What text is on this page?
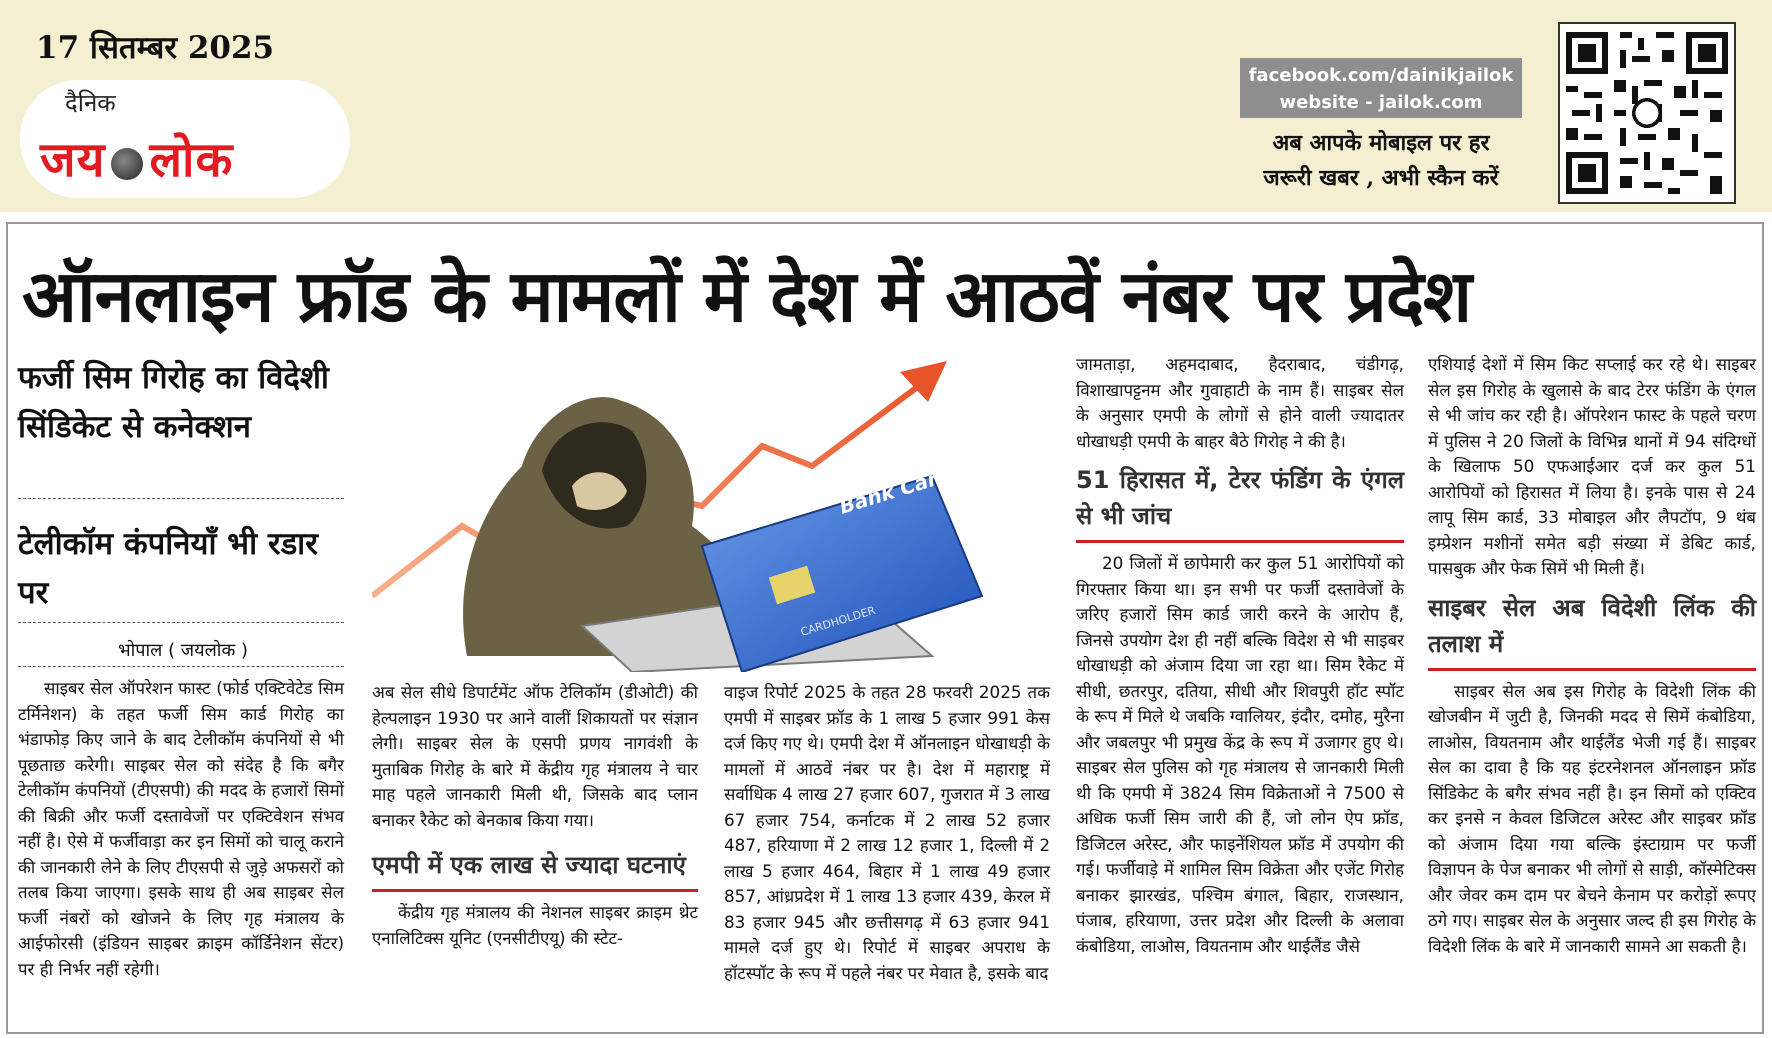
17 सितम्बर 2025
दैनिक
जय लोक
facebook.com/dainikjailok
website - jailok.com
अब आपके मोबाइल पर हर
जरूरी खबर , अभी स्कैन करें
ऑनलाइन फ्रॉड के मामलों में देश में आठवें नंबर पर प्रदेश
फर्जी सिम गिरोह का विदेशी सिंडिकेट से कनेक्शन
टेलीकॉम कंपनियाँ भी रडार पर
भोपाल ( जयलोक )
Bank Card
CARDHOLDER

साइबर सेल ऑपरेशन फास्ट (फोर्ड एक्टिवेटेड सिम टर्मिनेशन) के तहत फर्जी सिम कार्ड गिरोह का भंडाफोड़ किए जाने के बाद टेलीकॉम कंपनियों से भी पूछताछ करेगी। साइबर सेल को संदेह है कि बगैर टेलीकॉम कंपनियों (टीएसपी) की मदद के हजारों सिमों की बिक्री और फर्जी दस्तावेजों पर एक्टिवेशन संभव नहीं है। ऐसे में फर्जीवाड़ा कर इन सिमों को चालू कराने की जानकारी लेने के लिए टीएसपी से जुड़े अफसरों को तलब किया जाएगा। इसके साथ ही अब साइबर सेल फर्जी नंबरों को खोजने के लिए गृह मंत्रालय के आईफोरसी (इंडियन साइबर क्राइम कॉर्डिनेशन सेंटर) पर ही निर्भर नहीं रहेगी।

अब सेल सीधे डिपार्टमेंट ऑफ टेलिकॉम (डीओटी) की हेल्पलाइन 1930 पर आने वालीं शिकायतों पर संज्ञान लेगी। साइबर सेल के एसपी प्रणय नागवंशी के मुताबिक गिरोह के बारे में केंद्रीय गृह मंत्रालय ने चार माह पहले जानकारी मिली थी, जिसके बाद प्लान बनाकर रैकेट को बेनकाब किया गया।

एमपी में एक लाख से ज्यादा घटनाएं

केंद्रीय गृह मंत्रालय की नेशनल साइबर क्राइम थ्रेट एनालिटिक्स यूनिट (एनसीटीएयू) की स्टेट-

वाइज रिपोर्ट 2025 के तहत 28 फरवरी 2025 तक एमपी में साइबर फ्रॉड के 1 लाख 5 हजार 991 केस दर्ज किए गए थे। एमपी देश में ऑनलाइन धोखाधड़ी के मामलों में आठवें नंबर पर है। देश में महाराष्ट्र में सर्वाधिक 4 लाख 27 हजार 607, गुजरात में 3 लाख 67 हजार 754, कर्नाटक में 2 लाख 52 हजार 487, हरियाणा में 2 लाख 12 हजार 1, दिल्ली में 2 लाख 5 हजार 464, बिहार में 1 लाख 49 हजार 857, आंध्रप्रदेश में 1 लाख 13 हजार 439, केरल में 83 हजार 945 और छत्तीसगढ़ में 63 हजार 941 मामले दर्ज हुए थे। रिपोर्ट में साइबर अपराध के हॉटस्पॉट के रूप में पहले नंबर पर मेवात है, इसके बाद

जामताड़ा, अहमदाबाद, हैदराबाद, चंडीगढ़, विशाखापट्टनम और गुवाहाटी के नाम हैं। साइबर सेल के अनुसार एमपी के लोगों से होने वाली ज्यादातर धोखाधड़ी एमपी के बाहर बैठे गिरोह ने की है।

51 हिरासत में, टेरर फंडिंग के एंगल से भी जांच

20 जिलों में छापेमारी कर कुल 51 आरोपियों को गिरफ्तार किया था। इन सभी पर फर्जी दस्तावेजों के जरिए हजारों सिम कार्ड जारी करने के आरोप हैं, जिनसे उपयोग देश ही नहीं बल्कि विदेश से भी साइबर धोखाधड़ी को अंजाम दिया जा रहा था। सिम रैकेट में सीधी, छतरपुर, दतिया, सीधी और शिवपुरी हॉट स्पॉट के रूप में मिले थे जबकि ग्वालियर, इंदौर, दमोह, मुरैना और जबलपुर भी प्रमुख केंद्र के रूप में उजागर हुए थे। साइबर सेल पुलिस को गृह मंत्रालय से जानकारी मिली थी कि एमपी में 3824 सिम विक्रेताओं ने 7500 से अधिक फर्जी सिम जारी की हैं, जो लोन ऐप फ्रॉड, डिजिटल अरेस्ट, और फाइनेंशियल फ्रॉड में उपयोग की गई। फर्जीवाड़े में शामिल सिम विक्रेता और एजेंट गिरोह बनाकर झारखंड, पश्चिम बंगाल, बिहार, राजस्थान, पंजाब, हरियाणा, उत्तर प्रदेश और दिल्ली के अलावा कंबोडिया, लाओस, वियतनाम और थाईलैंड जैसे

एशियाई देशों में सिम किट सप्लाई कर रहे थे। साइबर सेल इस गिरोह के खुलासे के बाद टेरर फंडिंग के एंगल से भी जांच कर रही है। ऑपरेशन फास्ट के पहले चरण में पुलिस ने 20 जिलों के विभिन्न थानों में 94 संदिग्धों के खिलाफ 50 एफआईआर दर्ज कर कुल 51 आरोपियों को हिरासत में लिया है। इनके पास से 24 लापू सिम कार्ड, 33 मोबाइल और लैपटॉप, 9 थंब इम्प्रेशन मशीनों समेत बड़ी संख्या में डेबिट कार्ड, पासबुक और फेक सिमें भी मिली हैं।

साइबर सेल अब विदेशी लिंक की तलाश में

साइबर सेल अब इस गिरोह के विदेशी लिंक की खोजबीन में जुटी है, जिनकी मदद से सिमें कंबोडिया, लाओस, वियतनाम और थाईलैंड भेजी गई हैं। साइबर सेल का दावा है कि यह इंटरनेशनल ऑनलाइन फ्रॉड सिंडिकेट के बगैर संभव नहीं है। इन सिमों को एक्टिव कर इनसे न केवल डिजिटल अरेस्ट और साइबर फ्रॉड को अंजाम दिया गया बल्कि इंस्टाग्राम पर फर्जी विज्ञापन के पेज बनाकर भी लोगों से साड़ी, कॉस्मेटिक्स और जेवर कम दाम पर बेचने केनाम पर करोड़ों रूपए ठगे गए। साइबर सेल के अनुसार जल्द ही इस गिरोह के विदेशी लिंक के बारे में जानकारी सामने आ सकती है।
